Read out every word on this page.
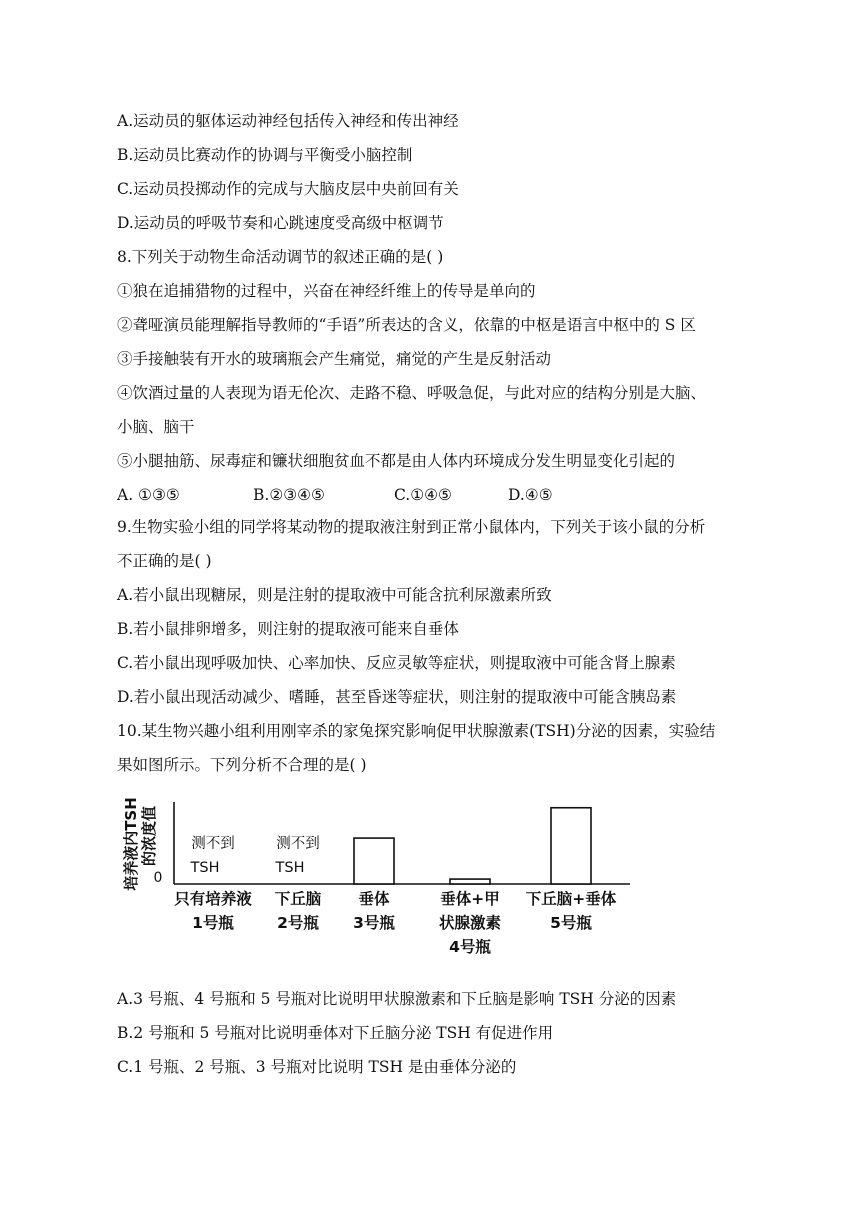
A.运动员的躯体运动神经包括传入神经和传出神经
B.运动员比赛动作的协调与平衡受小脑控制
C.运动员投掷动作的完成与大脑皮层中央前回有关
D.运动员的呼吸节奏和心跳速度受高级中枢调节
8.下列关于动物生命活动调节的叙述正确的是( )
①狼在追捕猎物的过程中，兴奋在神经纤维上的传导是单向的
②聋哑演员能理解指导教师的“手语”所表达的含义，依靠的中枢是语言中枢中的 S 区
③手接触装有开水的玻璃瓶会产生痛觉，痛觉的产生是反射活动
④饮酒过量的人表现为语无伦次、走路不稳、呼吸急促，与此对应的结构分别是大脑、
小脑、脑干
⑤小腿抽筋、尿毒症和镰状细胞贫血不都是由人体内环境成分发生明显变化引起的
A. ①③⑤	B.②③④⑤	C.①④⑤	D.④⑤
9.生物实验小组的同学将某动物的提取液注射到正常小鼠体内，下列关于该小鼠的分析
不正确的是( )
A.若小鼠出现糖尿，则是注射的提取液中可能含抗利尿激素所致
B.若小鼠排卵增多，则注射的提取液可能来自垂体
C.若小鼠出现呼吸加快、心率加快、反应灵敏等症状，则提取液中可能含肾上腺素
D.若小鼠出现活动减少、嗜睡，甚至昏迷等症状，则注射的提取液中可能含胰岛素
10.某生物兴趣小组利用刚宰杀的家兔探究影响促甲状腺激素(TSH)分泌的因素，实验结
果如图所示。下列分析不合理的是( )
培养液内TSH 的浓度值
0
测不到
TSH
测不到
TSH
只有培养液
1号瓶
下丘脑
2号瓶
垂体
3号瓶
垂体+甲
状腺激素
4号瓶
下丘脑+垂体
5号瓶
A.3 号瓶、4 号瓶和 5 号瓶对比说明甲状腺激素和下丘脑是影响 TSH 分泌的因素
B.2 号瓶和 5 号瓶对比说明垂体对下丘脑分泌 TSH 有促进作用
C.1 号瓶、2 号瓶、3 号瓶对比说明 TSH 是由垂体分泌的
